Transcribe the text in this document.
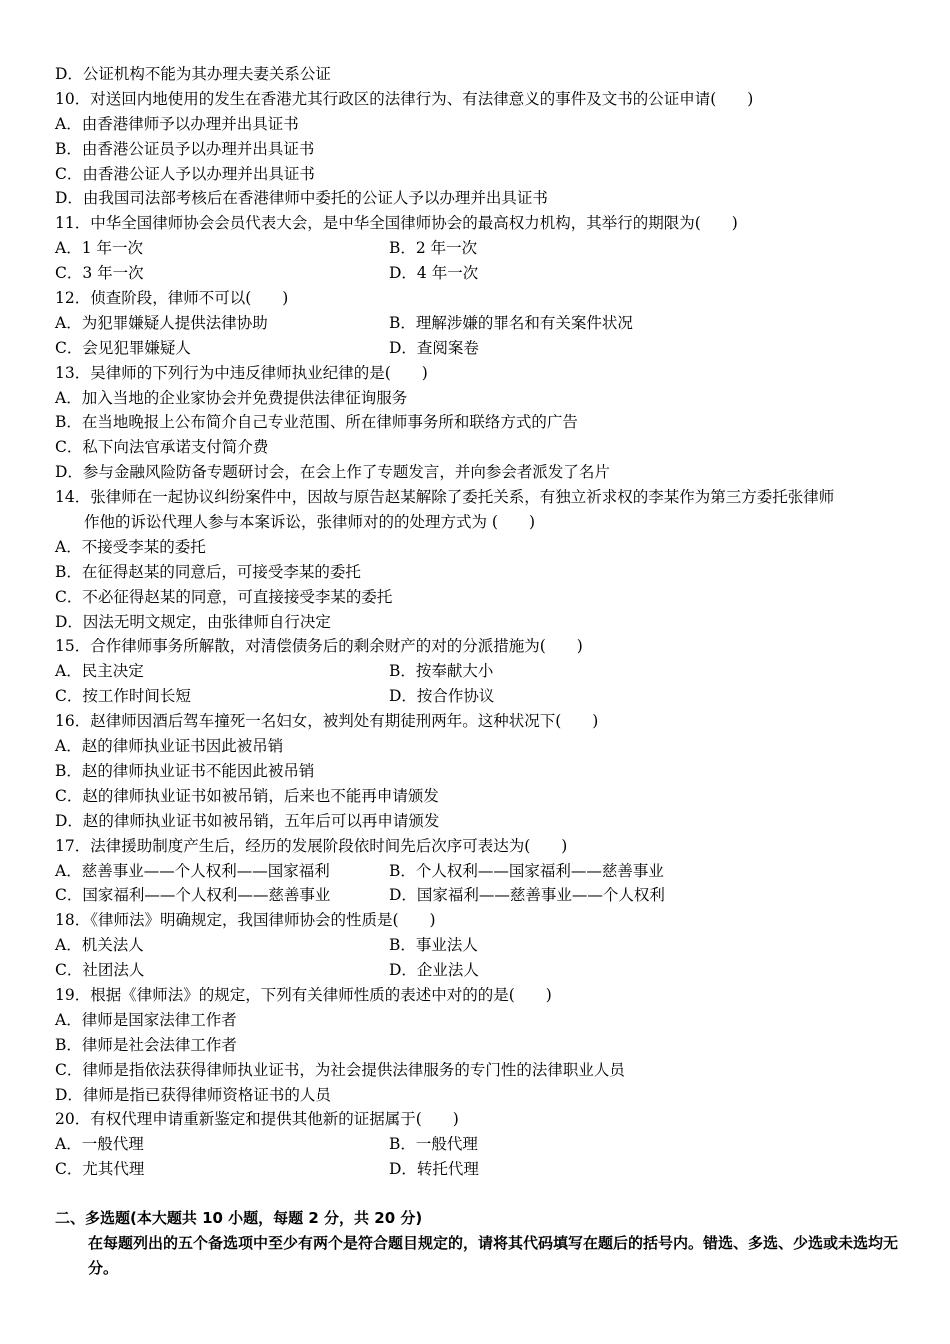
D．公证机构不能为其办理夫妻关系公证
10．对送回内地使用的发生在香港尤其行政区的法律行为、有法律意义的事件及文书的公证申请(　　)
A．由香港律师予以办理并出具证书
B．由香港公证员予以办理并出具证书
C．由香港公证人予以办理并出具证书
D．由我国司法部考核后在香港律师中委托的公证人予以办理并出具证书
11．中华全国律师协会会员代表大会，是中华全国律师协会的最高权力机构，其举行的期限为(　　)
A．1 年一次	B．2 年一次
C．3 年一次	D．4 年一次
12．侦查阶段，律师不可以(　　)
A．为犯罪嫌疑人提供法律协助	B．理解涉嫌的罪名和有关案件状况
C．会见犯罪嫌疑人	D．查阅案卷
13．吴律师的下列行为中违反律师执业纪律的是(　　)
A．加入当地的企业家协会并免费提供法律征询服务
B．在当地晚报上公布简介自己专业范围、所在律师事务所和联络方式的广告
C．私下向法官承诺支付简介费
D．参与金融风险防备专题研讨会，在会上作了专题发言，并向参会者派发了名片
14．张律师在一起协议纠纷案件中，因故与原告赵某解除了委托关系，有独立祈求权的李某作为第三方委托张律师
作他的诉讼代理人参与本案诉讼，张律师对的的处理方式为 (　　)
A．不接受李某的委托
B．在征得赵某的同意后，可接受李某的委托
C．不必征得赵某的同意，可直接接受李某的委托
D．因法无明文规定，由张律师自行决定
15．合作律师事务所解散，对清偿债务后的剩余财产的对的分派措施为(　　)
A．民主决定	B．按奉献大小
C．按工作时间长短	D．按合作协议
16．赵律师因酒后驾车撞死一名妇女，被判处有期徒刑两年。这种状况下(　　)
A．赵的律师执业证书因此被吊销
B．赵的律师执业证书不能因此被吊销
C．赵的律师执业证书如被吊销，后来也不能再申请颁发
D．赵的律师执业证书如被吊销，五年后可以再申请颁发
17．法律援助制度产生后，经历的发展阶段依时间先后次序可表达为(　　)
A．慈善事业——个人权利——国家福利	B．个人权利——国家福利——慈善事业
C．国家福利——个人权利——慈善事业	D．国家福利——慈善事业——个人权利
18．《律师法》明确规定，我国律师协会的性质是(　　)
A．机关法人	B．事业法人
C．社团法人	D．企业法人
19．根据《律师法》的规定，下列有关律师性质的表述中对的的是(　　)
A．律师是国家法律工作者
B．律师是社会法律工作者
C．律师是指依法获得律师执业证书，为社会提供法律服务的专门性的法律职业人员
D．律师是指已获得律师资格证书的人员
20．有权代理申请重新鉴定和提供其他新的证据属于(　　)
A．一般代理	B．一般代理
C．尤其代理	D．转托代理
二、多选题(本大题共 10 小题，每题 2 分，共 20 分)
在每题列出的五个备选项中至少有两个是符合题目规定的，请将其代码填写在题后的括号内。错选、多选、少选或未选均无分。
